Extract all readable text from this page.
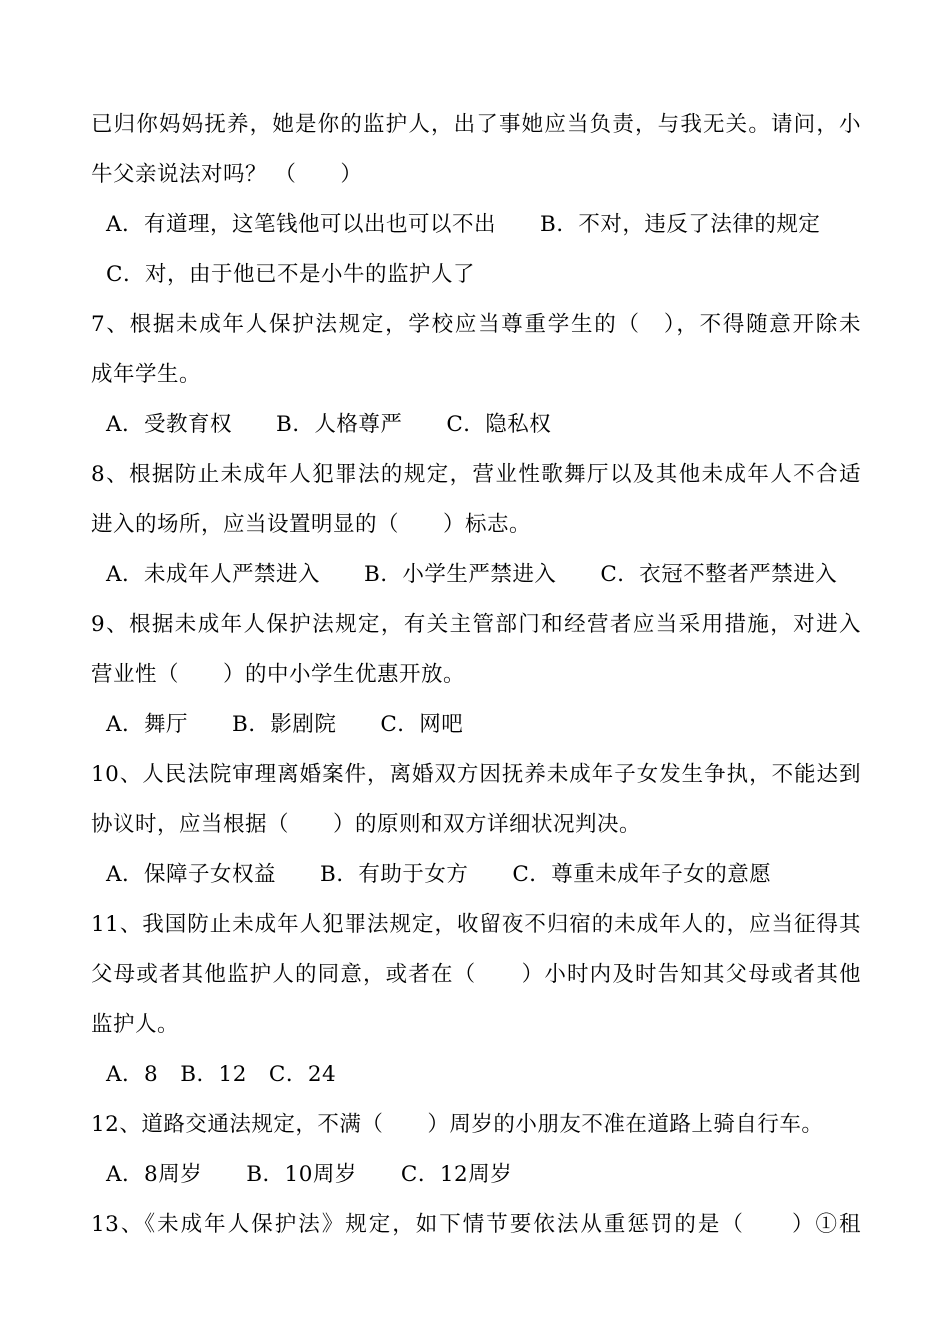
已归你妈妈抚养，她是你的监护人，出了事她应当负责，与我无关。请问，小
牛父亲说法对吗？ （　　）
A．有道理，这笔钱他可以出也可以不出 B．不对，违反了法律的规定
C．对，由于他已不是小牛的监护人了
7、根据未成年人保护法规定，学校应当尊重学生的（　），不得随意开除未
成年学生。
A．受教育权 B．人格尊严 C．隐私权
8、根据防止未成年人犯罪法的规定，营业性歌舞厅以及其他未成年人不合适
进入的场所，应当设置明显的（　　）标志。
A．未成年人严禁进入 B．小学生严禁进入 C．衣冠不整者严禁进入
9、根据未成年人保护法规定，有关主管部门和经营者应当采用措施，对进入
营业性（　　）的中小学生优惠开放。
A．舞厅 B．影剧院 C．网吧
10、人民法院审理离婚案件，离婚双方因抚养未成年子女发生争执，不能达到
协议时，应当根据（　　）的原则和双方详细状况判决。
A．保障子女权益 B．有助于女方 C．尊重未成年子女的意愿
11、我国防止未成年人犯罪法规定，收留夜不归宿的未成年人的，应当征得其
父母或者其他监护人的同意，或者在（　　）小时内及时告知其父母或者其他
监护人。
A．8 B．12 C．24
12、道路交通法规定，不满（　　）周岁的小朋友不准在道路上骑自行车。
A．8周岁 B．10周岁 C．12周岁
13、《未成年人保护法》规定，如下情节要依法从重惩罚的是（　　）①租
